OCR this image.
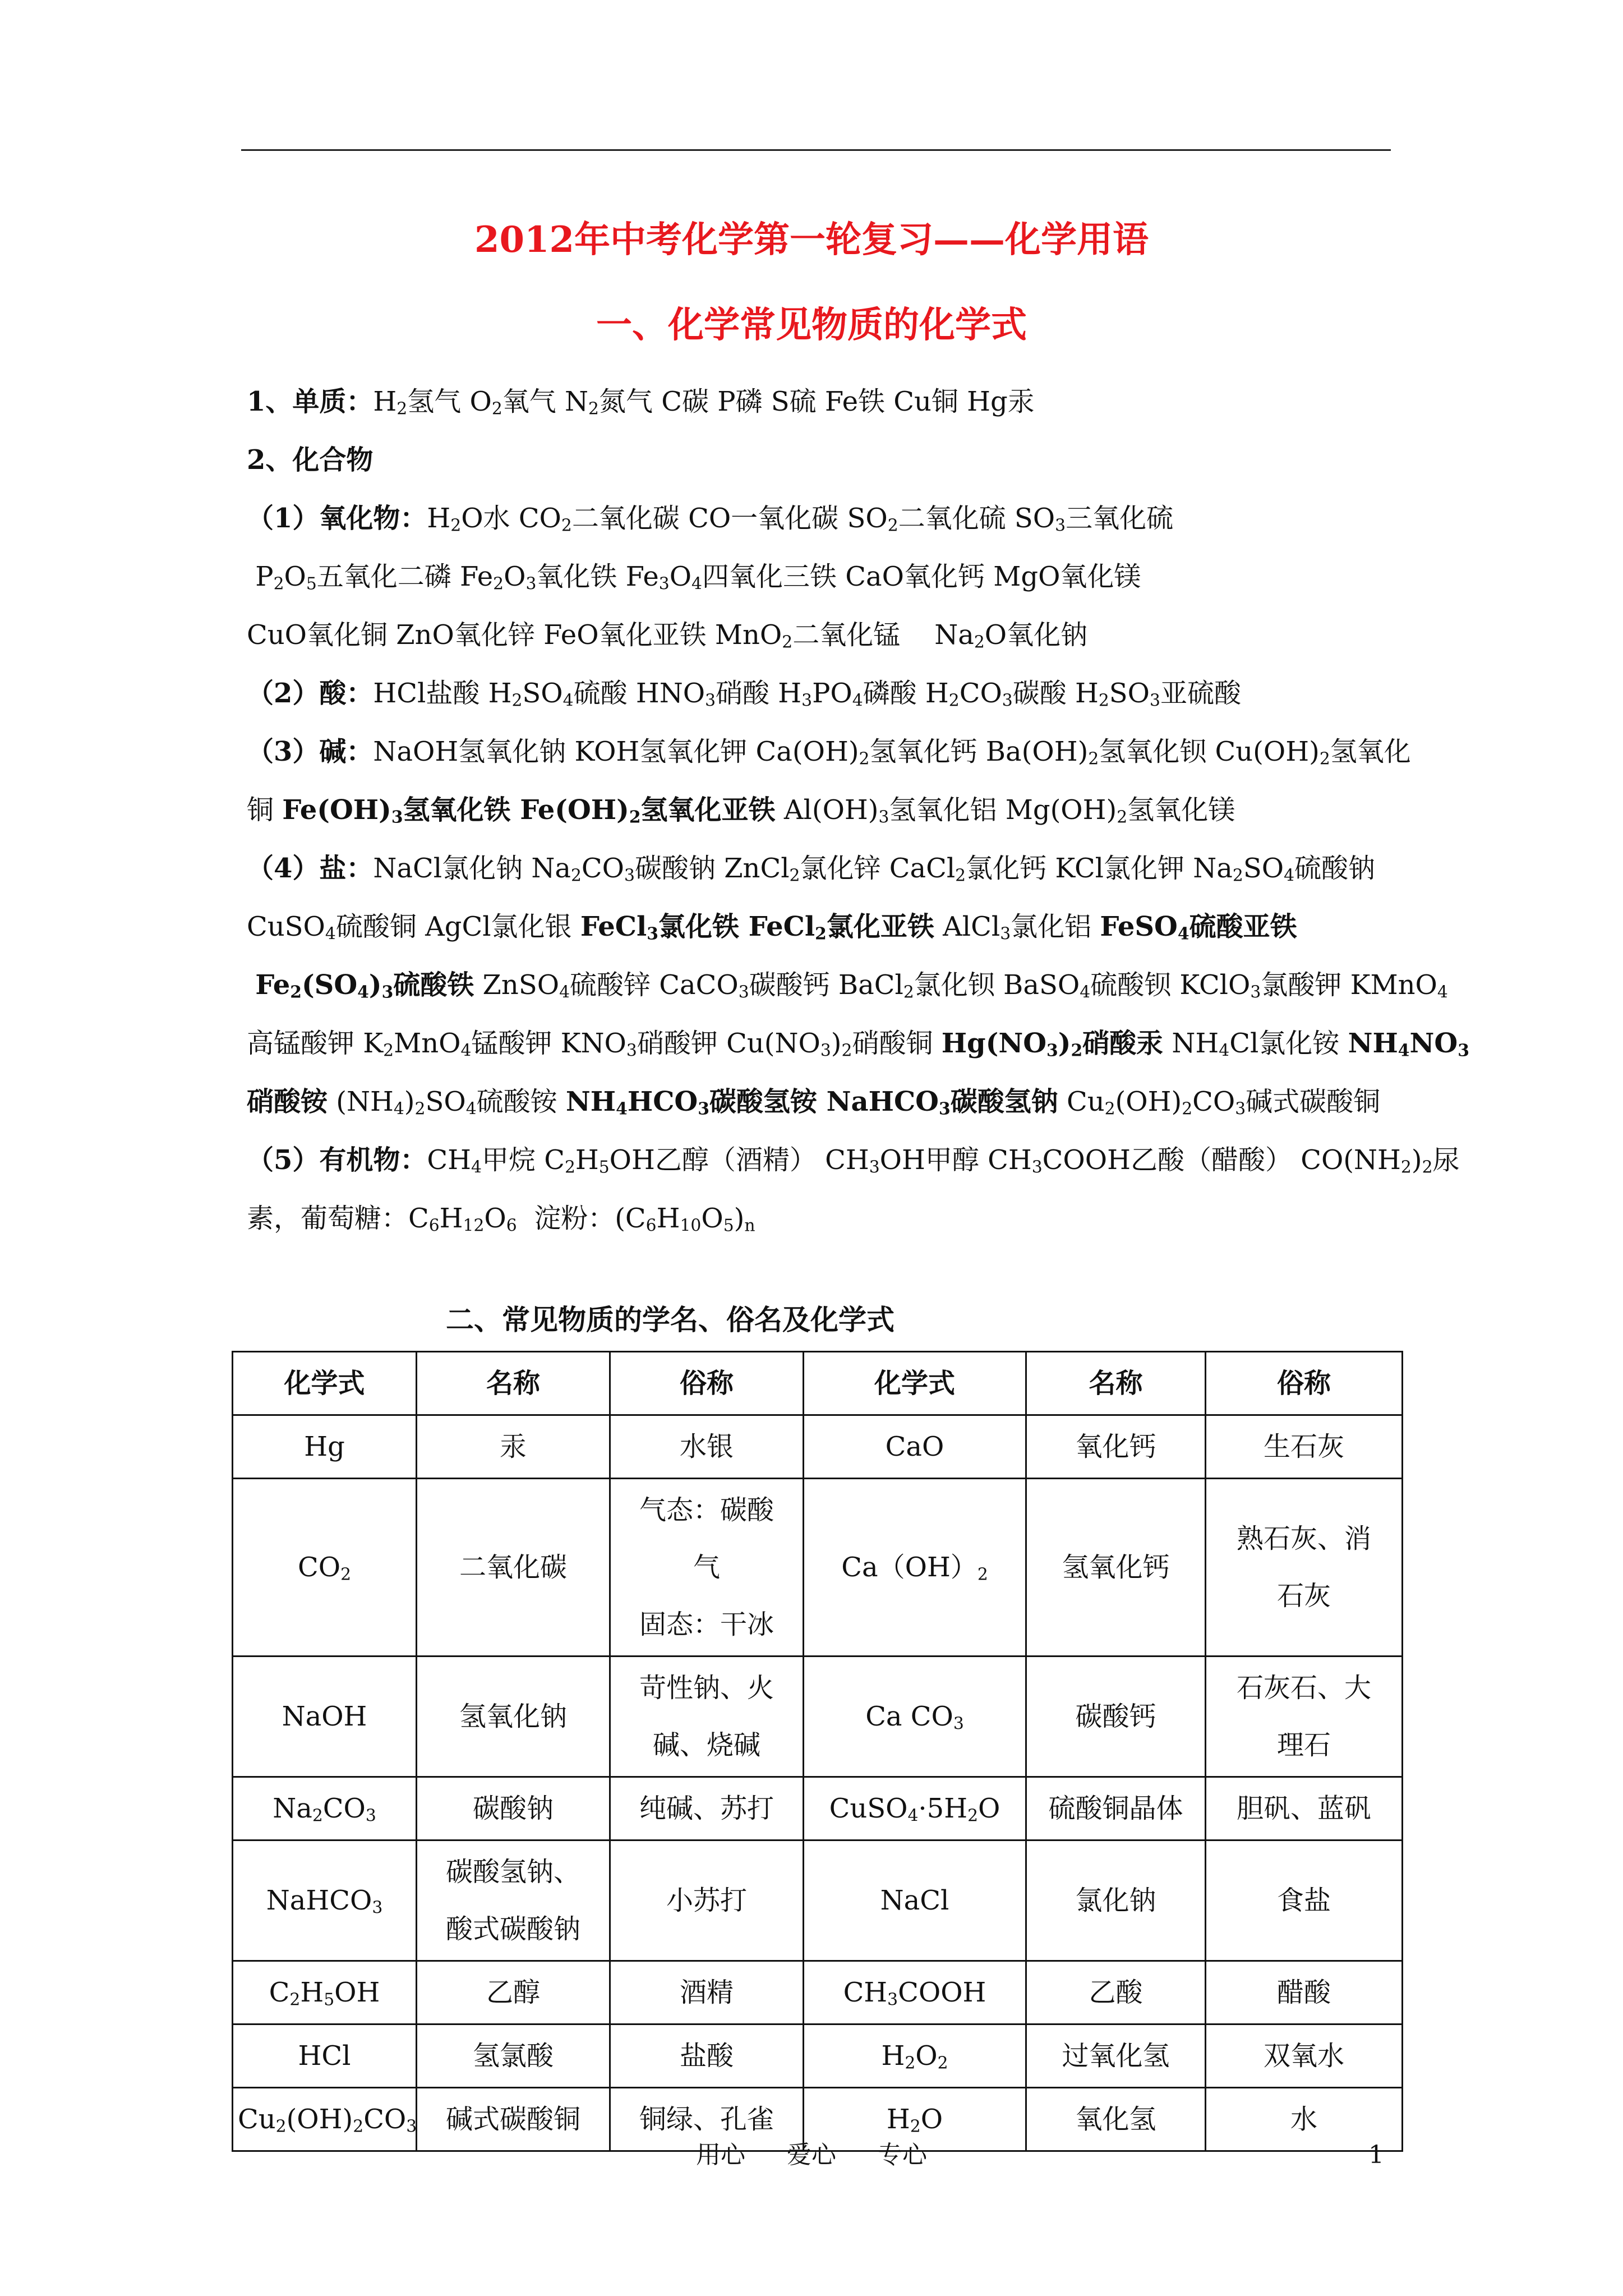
2012年中考化学第一轮复习——化学用语
一、化学常见物质的化学式

1、单质：$H_2$氢气 $O_2$氧气 $N_2$氮气 C碳 P磷 S硫 Fe铁 Cu铜 Hg汞

2、化合物

（1）氧化物：$H_2O$水 $CO_2$二氧化碳 CO一氧化碳 $SO_2$二氧化硫 $SO_3$三氧化硫

$P_2O_5$五氧化二磷 $Fe_2O_3$氧化铁 $Fe_3O_4$四氧化三铁 CaO氧化钙 MgO氧化镁

CuO氧化铜 ZnO氧化锌 FeO氧化亚铁 MnO$_2$二氧化锰    $Na_2O$氧化钠

（2）酸：HCl盐酸 $H_2SO_4$硫酸 $HNO_3$硝酸 $H_3PO_4$磷酸 $H_2CO_3$碳酸 $H_2SO_3$亚硫酸

（3）碱：NaOH氢氧化钠 KOH氢氧化钾 $Ca(OH)_2$氢氧化钙 $Ba(OH)_2$氢氧化钡 $Cu(OH)_2$氢氧化

铜 $Fe(OH)_3$氢氧化铁 $Fe(OH)_2$氢氧化亚铁 $Al(OH)_3$氢氧化铝 $Mg(OH)_2$氢氧化镁

（4）盐：NaCl氯化钠 $Na_2CO_3$碳酸钠 ZnCl$_2$氯化锌 CaCl$_2$氯化钙 KCl氯化钾 $Na_2SO_4$硫酸钠

CuSO$_4$硫酸铜 AgCl氯化银 FeCl$_3$氯化铁 FeCl$_2$氯化亚铁 AlCl$_3$氯化铝 FeSO$_4$硫酸亚铁

$Fe_2(SO_4)_3$硫酸铁 ZnSO$_4$硫酸锌 CaCO$_3$碳酸钙 BaCl$_2$氯化钡 BaSO$_4$硫酸钡 KClO$_3$氯酸钾 KMnO$_4$

高锰酸钾 $K_2MnO_4$锰酸钾 $KNO_3$硝酸钾 $Cu(NO_3)_2$硝酸铜 $Hg(NO_3)_2$硝酸汞 $NH_4Cl$氯化铵 $NH_4NO_3$

硝酸铵 $(NH_4)_2SO_4$硫酸铵 $NH_4HCO_3$碳酸氢铵 NaHCO$_3$碳酸氢钠 $Cu_2(OH)_2CO_3$碱式碳酸铜

（5）有机物：$CH_4$甲烷 $C_2H_5OH$乙醇（酒精） $CH_3OH$甲醇 $CH_3COOH$乙酸（醋酸） $CO(NH_2)_2$尿

素，葡萄糖：$C_6H_{12}O_6$  淀粉：$(C_6H_{10}O_5)_n$

二、常见物质的学名、俗名及化学式
化学式	名称	俗称	化学式	名称	俗称
Hg	汞	水银	CaO	氧化钙	生石灰
$CO_2$	二氧化碳	气态：碳酸
气
固态：干冰	$Ca(OH)_2$	氢氧化钙	熟石灰、消
石灰
NaOH	氢氧化钠	苛性钠、火
碱、烧碱	Ca $CO_3$	碳酸钙	石灰石、大
理石
$Na_2CO_3$	碳酸钠	纯碱、苏打	$CuSO_4\cdot 5H_2O$	硫酸铜晶体	胆矾、蓝矾
NaHCO$_3$	碳酸氢钠、
酸式碳酸钠	小苏打	NaCl	氯化钠	食盐
$C_2H_5OH$	乙醇	酒精	$CH_3COOH$	乙酸	醋酸
HCl	氢氯酸	盐酸	$H_2O_2$	过氧化氢	双氧水
$Cu_2(OH)_2CO_3$	碱式碳酸铜	铜绿、孔雀	$H_2O$	氧化氢	水
用心 爱心 专心	1
